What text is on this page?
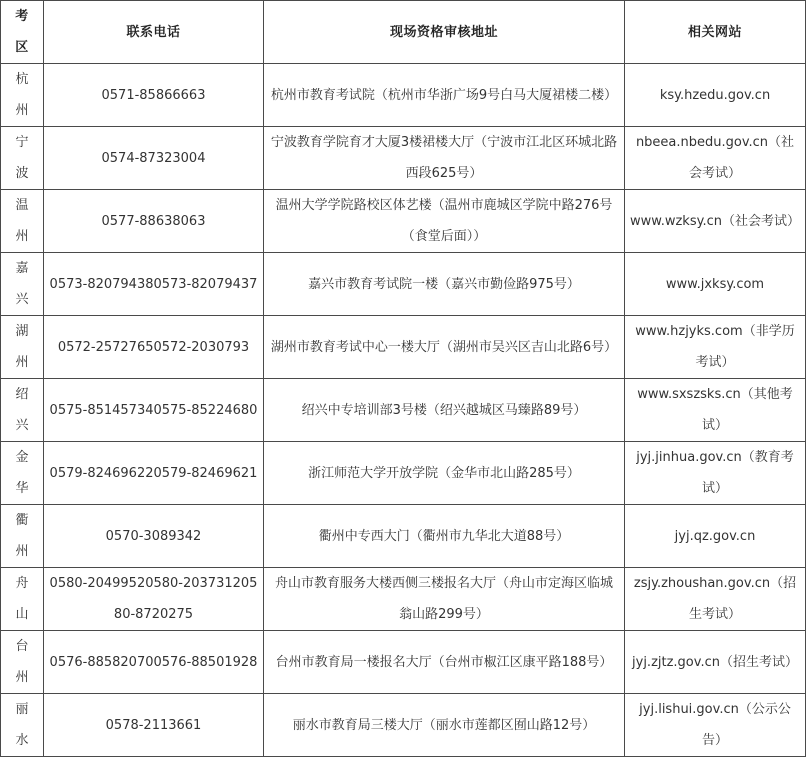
考 区	联系电话	现场资格审核地址	相关网站
杭 州	0571-85866663	杭州市教育考试院（杭州市华浙广场9号白马大厦裙楼二楼）	ksy.hzedu.gov.cn
宁 波	0574-87323004	宁波教育学院育才大厦3楼裙楼大厅（宁波市江北区环城北路西段625号）	nbeea.nbedu.gov.cn（社会考试）
温 州	0577-88638063	温州大学学院路校区体艺楼（温州市鹿城区学院中路276号（食堂后面））	www.wzksy.cn（社会考试）
嘉 兴	0573-820794380573-82079437	嘉兴市教育考试院一楼（嘉兴市勤俭路975号）	www.jxksy.com
湖 州	0572-25727650572-2030793	湖州市教育考试中心一楼大厅（湖州市吴兴区吉山北路6号）	www.hzjyks.com（非学历考试）
绍 兴	0575-851457340575-85224680	绍兴中专培训部3号楼（绍兴越城区马臻路89号）	www.sxszsks.cn（其他考试）
金 华	0579-824696220579-82469621	浙江师范大学开放学院（金华市北山路285号）	jyj.jinhua.gov.cn（教育考试）
衢 州	0570-3089342	衢州中专西大门（衢州市九华北大道88号）	jyj.qz.gov.cn
舟 山	0580-20499520580-20373120580-8720275	舟山市教育服务大楼西侧三楼报名大厅（舟山市定海区临城翁山路299号）	zsjy.zhoushan.gov.cn（招生考试）
台 州	0576-885820700576-88501928	台州市教育局一楼报名大厅（台州市椒江区康平路188号）	jyj.zjtz.gov.cn（招生考试）
丽 水	0578-2113661	丽水市教育局三楼大厅（丽水市莲都区囿山路12号）	jyj.lishui.gov.cn（公示公告）
